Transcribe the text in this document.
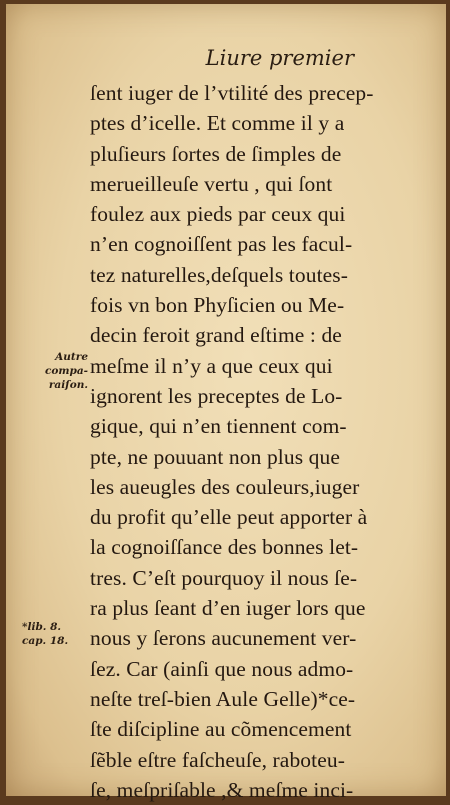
Liure premier
Autre
compa-
raiſon.
*lib. 8.
cap. 18.
ſent iuger de l’vtilité des precep-
ptes d’icelle. Et comme il y a
pluſieurs ſortes de ſimples de
merueilleuſe vertu , qui ſont
foulez aux pieds par ceux qui
n’en cognoiſſent pas les facul-
tez naturelles,deſquels toutes-
fois vn bon Phyſicien ou Me-
decin feroit grand eſtime : de
meſme il n’y a que ceux qui
ignorent les preceptes de Lo-
gique, qui n’en tiennent com-
pte, ne pouuant non plus que
les aueugles des couleurs,iuger
du profit qu’elle peut apporter à
la cognoiſſance des bonnes let-
tres. C’eſt pourquoy il nous ſe-
ra plus ſeant d’en iuger lors que
nous y ſerons aucunement ver-
ſez. Car (ainſi que nous admo-
neſte treſ-bien Aule Gelle)*ce-
ſte diſcipline au cõmencement
ſẽble eſtre faſcheuſe, raboteu-
ſe, meſpriſable ,& meſme inci-
